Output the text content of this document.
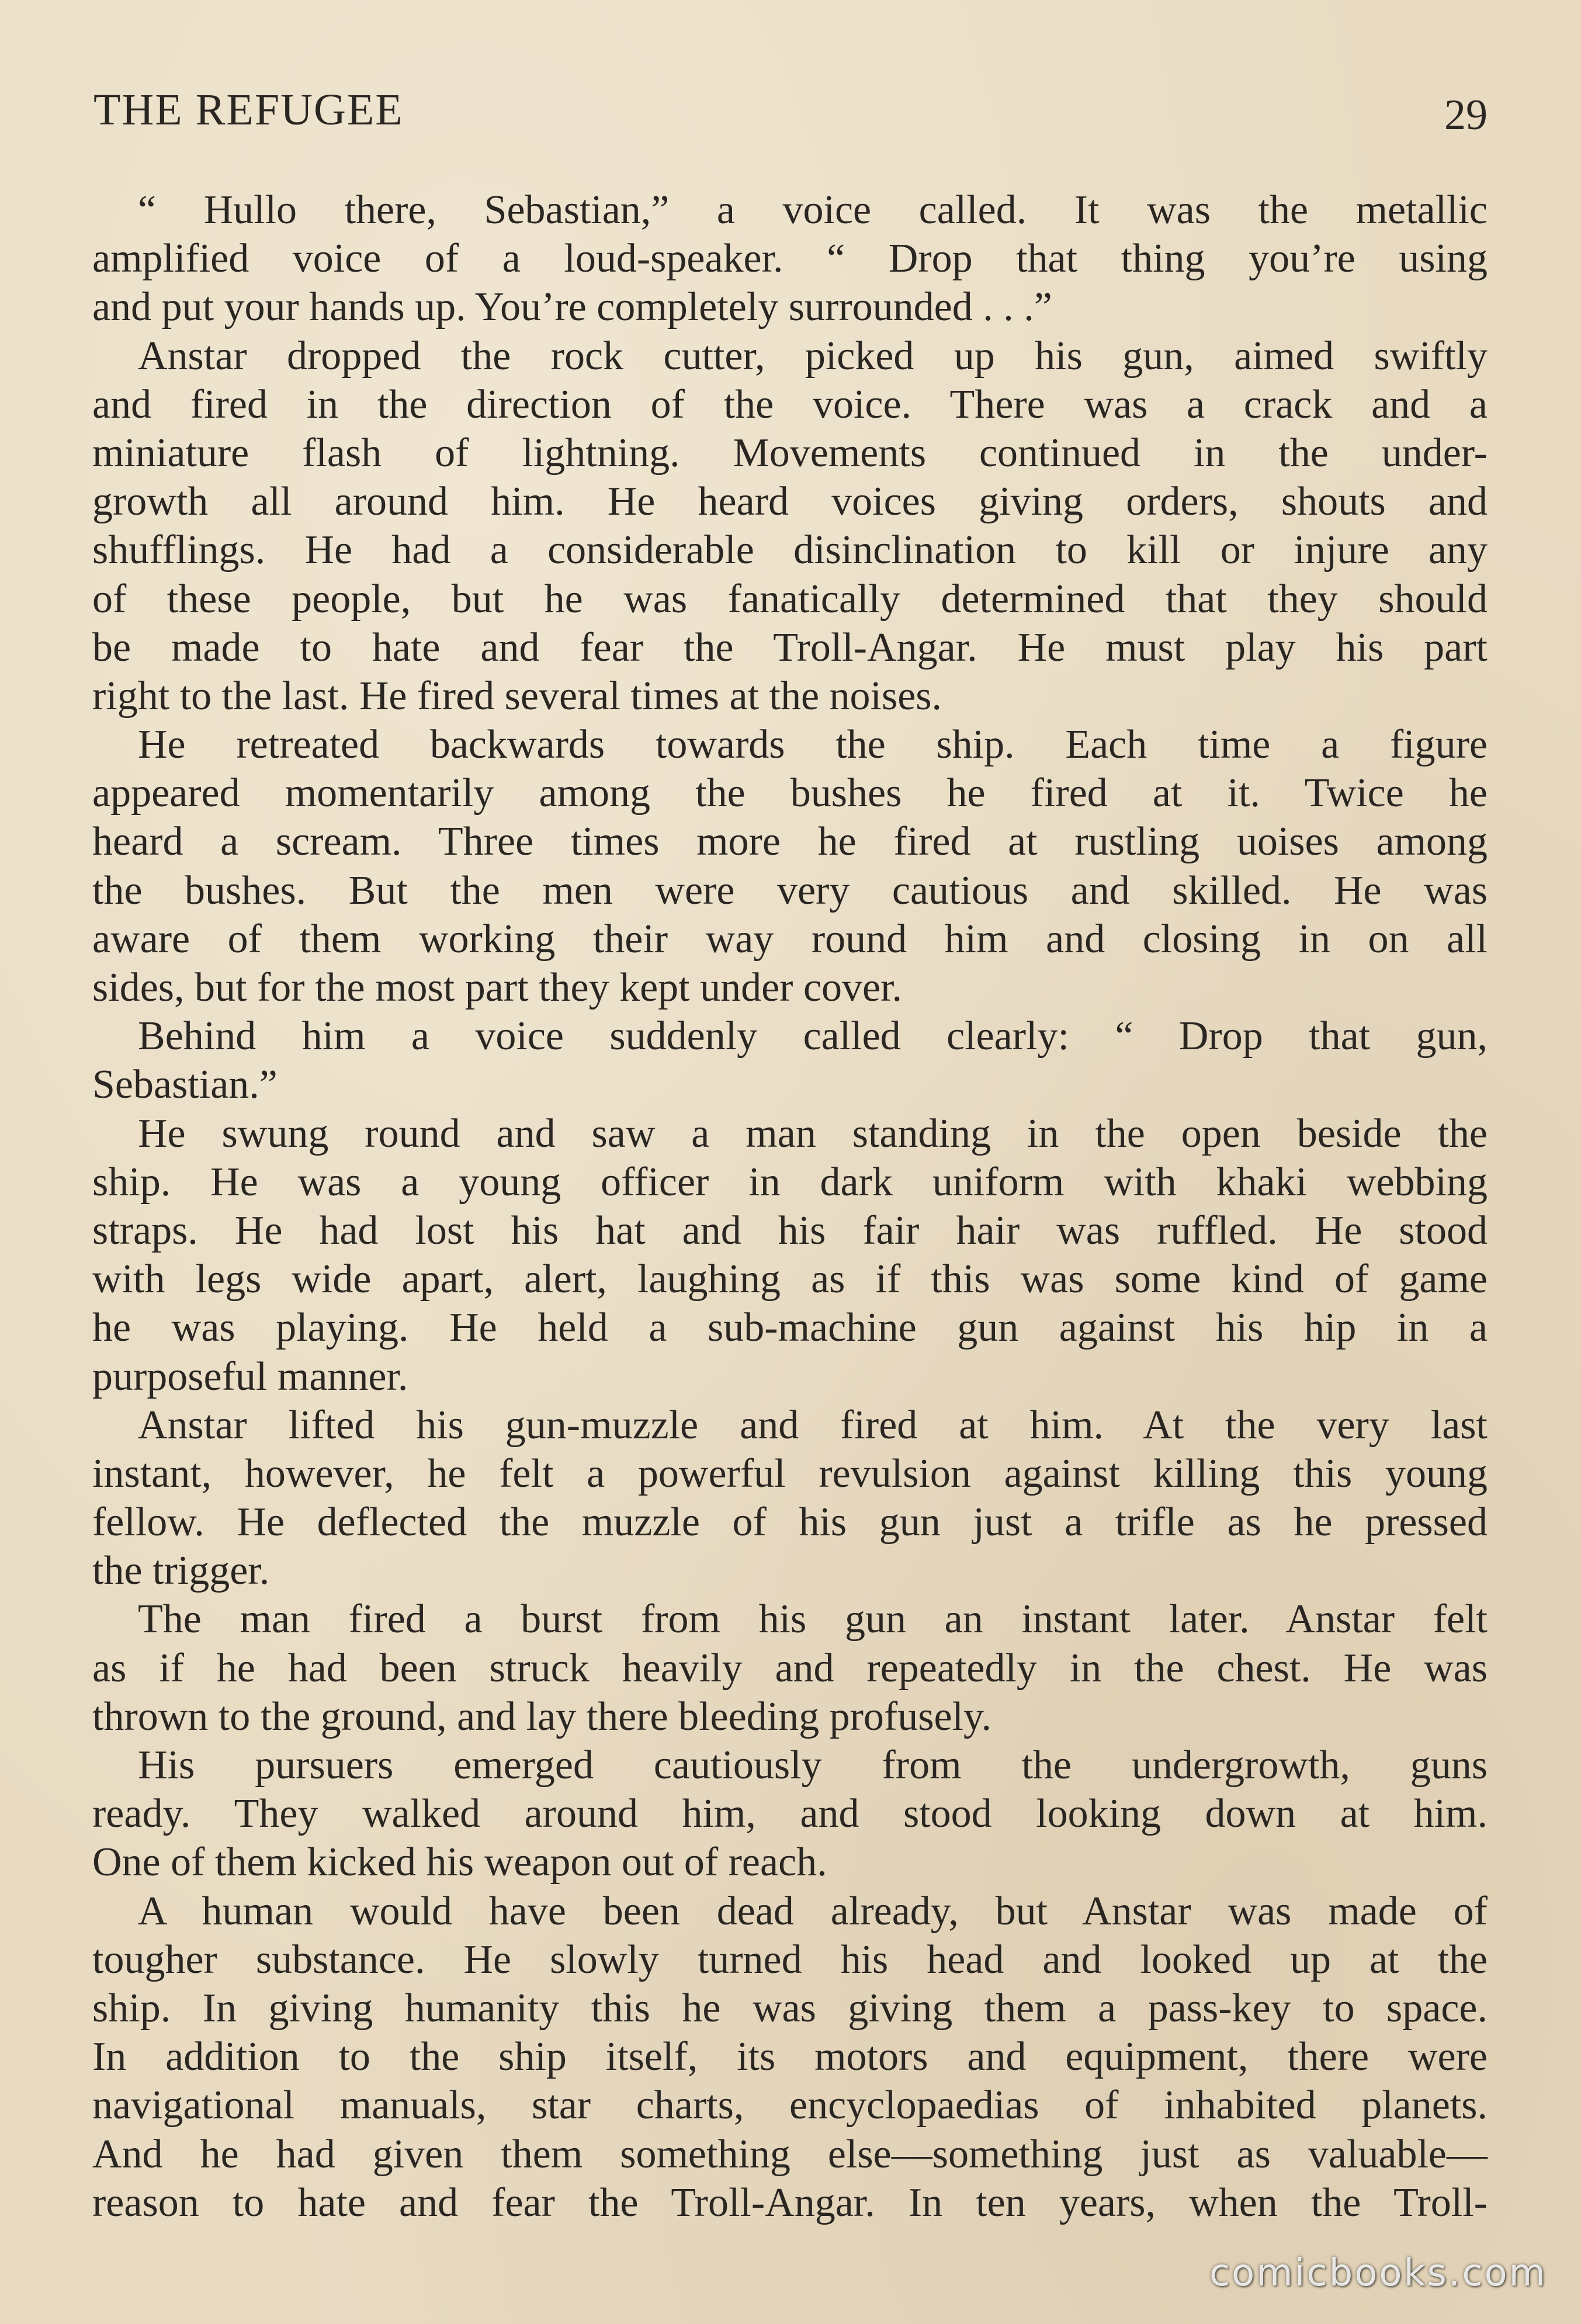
THE REFUGEE	29

“ Hullo there, Sebastian,” a voice called. It was the metallic

amplified voice of a loud-speaker. “ Drop that thing you’re using

and put your hands up. You’re completely surrounded . . .”

Anstar dropped the rock cutter, picked up his gun, aimed swiftly

and fired in the direction of the voice. There was a crack and a

miniature flash of lightning. Movements continued in the under-

growth all around him. He heard voices giving orders, shouts and

shufflings. He had a considerable disinclination to kill or injure any

of these people, but he was fanatically determined that they should

be made to hate and fear the Troll-Angar. He must play his part

right to the last. He fired several times at the noises.

He retreated backwards towards the ship. Each time a figure

appeared momentarily among the bushes he fired at it. Twice he

heard a scream. Three times more he fired at rustling uoises among

the bushes. But the men were very cautious and skilled. He was

aware of them working their way round him and closing in on all

sides, but for the most part they kept under cover.

Behind him a voice suddenly called clearly: “ Drop that gun,

Sebastian.”

He swung round and saw a man standing in the open beside the

ship. He was a young officer in dark uniform with khaki webbing

straps. He had lost his hat and his fair hair was ruffled. He stood

with legs wide apart, alert, laughing as if this was some kind of game

he was playing. He held a sub-machine gun against his hip in a

purposeful manner.

Anstar lifted his gun-muzzle and fired at him. At the very last

instant, however, he felt a powerful revulsion against killing this young

fellow. He deflected the muzzle of his gun just a trifle as he pressed

the trigger.

The man fired a burst from his gun an instant later. Anstar felt

as if he had been struck heavily and repeatedly in the chest. He was

thrown to the ground, and lay there bleeding profusely.

His pursuers emerged cautiously from the undergrowth, guns

ready. They walked around him, and stood looking down at him.

One of them kicked his weapon out of reach.

A human would have been dead already, but Anstar was made of

tougher substance. He slowly turned his head and looked up at the

ship. In giving humanity this he was giving them a pass-key to space.

In addition to the ship itself, its motors and equipment, there were

navigational manuals, star charts, encyclopaedias of inhabited planets.

And he had given them something else—something just as valuable—

reason to hate and fear the Troll-Angar. In ten years, when the Troll-

comicbooks.com
